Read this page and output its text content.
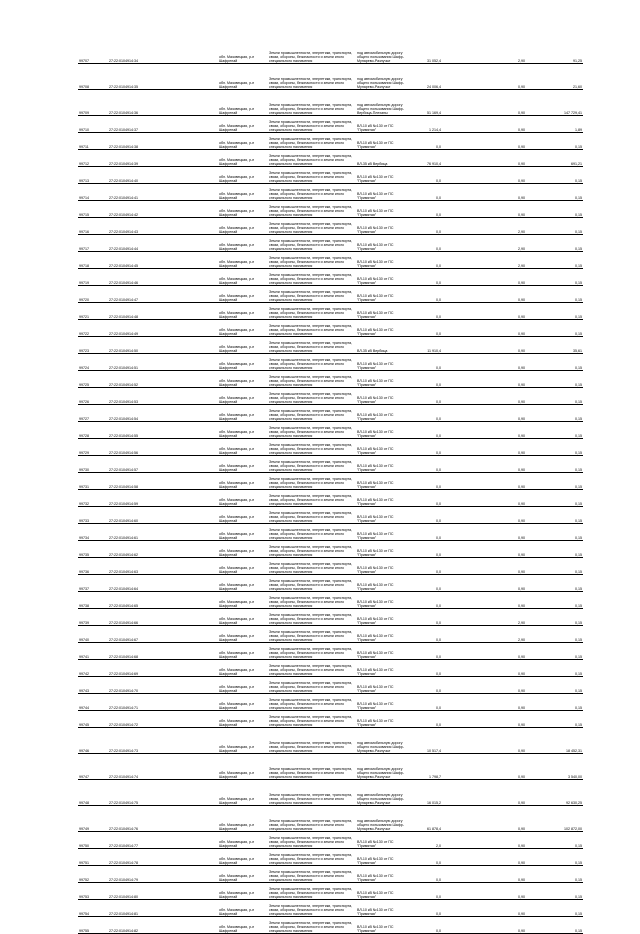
99707	27:22:0104914:34		обл. Мазовецкая, р-н Шафренай	Земли промышленности, энергетики, транспорта, связи, обороны, безопасности и земли иного специального назначения	под автомобильную дорогу общего пользования Шафр-Мупарево-Разлучье	31 052,4		2,90	91,25
99708	27:22:0104914:35		обл. Мазовецкая, р-н Шафренай	Земли промышленности, энергетики, транспорта, связи, обороны, безопасности и земли иного специального назначения	под автомобильную дорогу общего пользования Шафр-Мупарево-Разлучье	24 006,4		0,90	21,60
99709	27:22:0104914:36		обл. Мазовецкая, р-н Шафренай	Земли промышленности, энергетики, транспорта, связи, обороны, безопасности и земли иного специального назначения	под автомобильную дорогу общего пользования Шафр-Вербица-Плеханы	51 169,4		0,90	147 729,41
99710	27:22:0104914:37		обл. Мазовецкая, р-н Шафренай	Земли промышленности, энергетики, транспорта, связи, обороны, безопасности и земли иного специального назначения	ВЛ-10 кВ №130 от ПС "Примятая"	1 214,4		0,90	1,89
99711	27:22:0104914:38		обл. Мазовецкая, р-н Шафренай	Земли промышленности, энергетики, транспорта, связи, обороны, безопасности и земли иного специального назначения	ВЛ-10 кВ №130 от ПС "Примятая"	0,0		0,90	0,15
99712	27:22:0104914:39		обл. Мазовецкая, р-н Шафренай	Земли промышленности, энергетики, транспорта, связи, обороны, безопасности и земли иного специального назначения	ВЛ-35 кВ Вербица	76 910,4		0,90	691,21
99713	27:22:0104914:40		обл. Мазовецкая, р-н Шафренай	Земли промышленности, энергетики, транспорта, связи, обороны, безопасности и земли иного специального назначения	ВЛ-10 кВ №130 от ПС "Примятая"	0,0		0,90	0,15
99714	27:22:0104914:41		обл. Мазовецкая, р-н Шафренай	Земли промышленности, энергетики, транспорта, связи, обороны, безопасности и земли иного специального назначения	ВЛ-10 кВ №130 от ПС "Примятая"	0,0		0,90	0,15
99715	27:22:0104914:42		обл. Мазовецкая, р-н Шафренай	Земли промышленности, энергетики, транспорта, связи, обороны, безопасности и земли иного специального назначения	ВЛ-10 кВ №130 от ПС "Примятая"	0,0		0,90	0,15
99716	27:22:0104914:43		обл. Мазовецкая, р-н Шафренай	Земли промышленности, энергетики, транспорта, связи, обороны, безопасности и земли иного специального назначения	ВЛ-10 кВ №130 от ПС "Примятая"	0,0		2,90	0,15
99717	27:22:0104914:44		обл. Мазовецкая, р-н Шафренай	Земли промышленности, энергетики, транспорта, связи, обороны, безопасности и земли иного специального назначения	ВЛ-10 кВ №130 от ПС "Примятая"	0,0		2,90	0,15
99718	27:22:0104914:45		обл. Мазовецкая, р-н Шафренай	Земли промышленности, энергетики, транспорта, связи, обороны, безопасности и земли иного специального назначения	ВЛ-10 кВ №130 от ПС "Примятая"	0,0		2,90	0,15
99719	27:22:0104914:46		обл. Мазовецкая, р-н Шафренай	Земли промышленности, энергетики, транспорта, связи, обороны, безопасности и земли иного специального назначения	ВЛ-10 кВ №130 от ПС "Примятая"	0,0		0,90	0,15
99720	27:22:0104914:47		обл. Мазовецкая, р-н Шафренай	Земли промышленности, энергетики, транспорта, связи, обороны, безопасности и земли иного специального назначения	ВЛ-10 кВ №130 от ПС "Примятая"	0,0		0,90	0,15
99721	27:22:0104914:48		обл. Мазовецкая, р-н Шафренай	Земли промышленности, энергетики, транспорта, связи, обороны, безопасности и земли иного специального назначения	ВЛ-10 кВ №130 от ПС "Примятая"	0,0		0,90	0,15
99722	27:22:0104914:49		обл. Мазовецкая, р-н Шафренай	Земли промышленности, энергетики, транспорта, связи, обороны, безопасности и земли иного специального назначения	ВЛ-10 кВ №130 от ПС "Примятая"	0,0		0,90	0,15
99723	27:22:0104914:50		обл. Мазовецкая, р-н Шафренай	Земли промышленности, энергетики, транспорта, связи, обороны, безопасности и земли иного специального назначения	ВЛ-35 кВ Вербица	11 910,4		0,90	35,61
99724	27:22:0104914:51		обл. Мазовецкая, р-н Шафренай	Земли промышленности, энергетики, транспорта, связи, обороны, безопасности и земли иного специального назначения	ВЛ-10 кВ №130 от ПС "Примятая"	0,0		0,90	0,15
99725	27:22:0104914:52		обл. Мазовецкая, р-н Шафренай	Земли промышленности, энергетики, транспорта, связи, обороны, безопасности и земли иного специального назначения	ВЛ-10 кВ №130 от ПС "Примятая"	0,0		0,90	0,15
99726	27:22:0104914:53		обл. Мазовецкая, р-н Шафренай	Земли промышленности, энергетики, транспорта, связи, обороны, безопасности и земли иного специального назначения	ВЛ-10 кВ №130 от ПС "Примятая"	0,0		0,90	0,15
99727	27:22:0104914:54		обл. Мазовецкая, р-н Шафренай	Земли промышленности, энергетики, транспорта, связи, обороны, безопасности и земли иного специального назначения	ВЛ-10 кВ №130 от ПС "Примятая"	0,0		0,90	0,15
99728	27:22:0104914:55		обл. Мазовецкая, р-н Шафренай	Земли промышленности, энергетики, транспорта, связи, обороны, безопасности и земли иного специального назначения	ВЛ-10 кВ №130 от ПС "Примятая"	0,0		0,90	0,15
99729	27:22:0104914:56		обл. Мазовецкая, р-н Шафренай	Земли промышленности, энергетики, транспорта, связи, обороны, безопасности и земли иного специального назначения	ВЛ-10 кВ №130 от ПС "Примятая"	0,0		0,90	0,15
99730	27:22:0104914:57		обл. Мазовецкая, р-н Шафренай	Земли промышленности, энергетики, транспорта, связи, обороны, безопасности и земли иного специального назначения	ВЛ-10 кВ №130 от ПС "Примятая"	0,0		0,90	0,15
99731	27:22:0104914:58		обл. Мазовецкая, р-н Шафренай	Земли промышленности, энергетики, транспорта, связи, обороны, безопасности и земли иного специального назначения	ВЛ-10 кВ №130 от ПС "Примятая"	0,0		0,90	0,15
99732	27:22:0104914:59		обл. Мазовецкая, р-н Шафренай	Земли промышленности, энергетики, транспорта, связи, обороны, безопасности и земли иного специального назначения	ВЛ-10 кВ №130 от ПС "Примятая"	0,0		0,90	0,15
99733	27:22:0104914:60		обл. Мазовецкая, р-н Шафренай	Земли промышленности, энергетики, транспорта, связи, обороны, безопасности и земли иного специального назначения	ВЛ-10 кВ №130 от ПС "Примятая"	0,0		0,90	0,15
99734	27:22:0104914:61		обл. Мазовецкая, р-н Шафренай	Земли промышленности, энергетики, транспорта, связи, обороны, безопасности и земли иного специального назначения	ВЛ-10 кВ №130 от ПС "Примятая"	0,0		0,90	0,15
99735	27:22:0104914:62		обл. Мазовецкая, р-н Шафренай	Земли промышленности, энергетики, транспорта, связи, обороны, безопасности и земли иного специального назначения	ВЛ-10 кВ №130 от ПС "Примятая"	0,0		0,90	0,15
99736	27:22:0104914:63		обл. Мазовецкая, р-н Шафренай	Земли промышленности, энергетики, транспорта, связи, обороны, безопасности и земли иного специального назначения	ВЛ-10 кВ №130 от ПС "Примятая"	0,0		0,90	0,15
99737	27:22:0104914:64		обл. Мазовецкая, р-н Шафренай	Земли промышленности, энергетики, транспорта, связи, обороны, безопасности и земли иного специального назначения	ВЛ-10 кВ №130 от ПС "Примятая"	0,0		0,90	0,15
99738	27:22:0104914:65		обл. Мазовецкая, р-н Шафренай	Земли промышленности, энергетики, транспорта, связи, обороны, безопасности и земли иного специального назначения	ВЛ-10 кВ №130 от ПС "Примятая"	0,0		0,90	0,15
99739	27:22:0104914:66		обл. Мазовецкая, р-н Шафренай	Земли промышленности, энергетики, транспорта, связи, обороны, безопасности и земли иного специального назначения	ВЛ-10 кВ №130 от ПС "Примятая"	0,0		2,90	0,15
99740	27:22:0104914:67		обл. Мазовецкая, р-н Шафренай	Земли промышленности, энергетики, транспорта, связи, обороны, безопасности и земли иного специального назначения	ВЛ-10 кВ №130 от ПС "Примятая"	0,0		2,90	0,15
99741	27:22:0104914:68		обл. Мазовецкая, р-н Шафренай	Земли промышленности, энергетики, транспорта, связи, обороны, безопасности и земли иного специального назначения	ВЛ-10 кВ №130 от ПС "Примятая"	0,0		0,90	0,15
99742	27:22:0104914:69		обл. Мазовецкая, р-н Шафренай	Земли промышленности, энергетики, транспорта, связи, обороны, безопасности и земли иного специального назначения	ВЛ-10 кВ №130 от ПС "Примятая"	0,0		0,90	0,15
99743	27:22:0104914:70		обл. Мазовецкая, р-н Шафренай	Земли промышленности, энергетики, транспорта, связи, обороны, безопасности и земли иного специального назначения	ВЛ-10 кВ №130 от ПС "Примятая"	0,0		0,90	0,15
99744	27:22:0104914:71		обл. Мазовецкая, р-н Шафренай	Земли промышленности, энергетики, транспорта, связи, обороны, безопасности и земли иного специального назначения	ВЛ-10 кВ №130 от ПС "Примятая"	0,0		0,90	0,15
99745	27:22:0104914:72		обл. Мазовецкая, р-н Шафренай	Земли промышленности, энергетики, транспорта, связи, обороны, безопасности и земли иного специального назначения	ВЛ-10 кВ №130 от ПС "Примятая"	0,0		0,90	0,15
99746	27:22:0104914:73		обл. Мазовецкая, р-н Шафренай	Земли промышленности, энергетики, транспорта, связи, обороны, безопасности и земли иного специального назначения	под автомобильную дорогу общего пользования Шафр-Мупарево-Разлучье	10 517,4		0,90	18 452,31
99747	27:22:0104914:74		обл. Мазовецкая, р-н Шафренай	Земли промышленности, энергетики, транспорта, связи, обороны, безопасности и земли иного специального назначения	под автомобильную дорогу общего пользования Шафр-Мупарево-Разлучье	1 798,7		0,90	3 540,00
99748	27:22:0104914:75		обл. Мазовецкая, р-н Шафренай	Земли промышленности, энергетики, транспорта, связи, обороны, безопасности и земли иного специального назначения	под автомобильную дорогу общего пользования Шафр-Мупарево-Разлучье	16 015,2		0,90	92 630,25
99749	27:22:0104914:76		обл. Мазовецкая, р-н Шафренай	Земли промышленности, энергетики, транспорта, связи, обороны, безопасности и земли иного специального назначения	под автомобильную дорогу общего пользования Шафр-Мупарево-Разлучье	61 878,4		0,90	102 872,00
99750	27:22:0104914:77		обл. Мазовецкая, р-н Шафренай	Земли промышленности, энергетики, транспорта, связи, обороны, безопасности и земли иного специального назначения	ВЛ-10 кВ №130 от ПС "Примятая"	2,0		0,90	0,15
99751	27:22:0104914:78		обл. Мазовецкая, р-н Шафренай	Земли промышленности, энергетики, транспорта, связи, обороны, безопасности и земли иного специального назначения	ВЛ-10 кВ №130 от ПС "Примятая"	0,0		0,90	0,15
99752	27:22:0104914:79		обл. Мазовецкая, р-н Шафренай	Земли промышленности, энергетики, транспорта, связи, обороны, безопасности и земли иного специального назначения	ВЛ-10 кВ №130 от ПС "Примятая"	0,0		0,90	0,15
99753	27:22:0104914:80		обл. Мазовецкая, р-н Шафренай	Земли промышленности, энергетики, транспорта, связи, обороны, безопасности и земли иного специального назначения	ВЛ-10 кВ №130 от ПС "Примятая"	0,0		0,90	0,15
99754	27:22:0104914:81		обл. Мазовецкая, р-н Шафренай	Земли промышленности, энергетики, транспорта, связи, обороны, безопасности и земли иного специального назначения	ВЛ-10 кВ №130 от ПС "Примятая"	0,0		0,90	0,15
99755	27:22:0104914:82		обл. Мазовецкая, р-н Шафренай	Земли промышленности, энергетики, транспорта, связи, обороны, безопасности и земли иного специального назначения	ВЛ-10 кВ №130 от ПС "Примятая"	0,0		0,90	0,15
